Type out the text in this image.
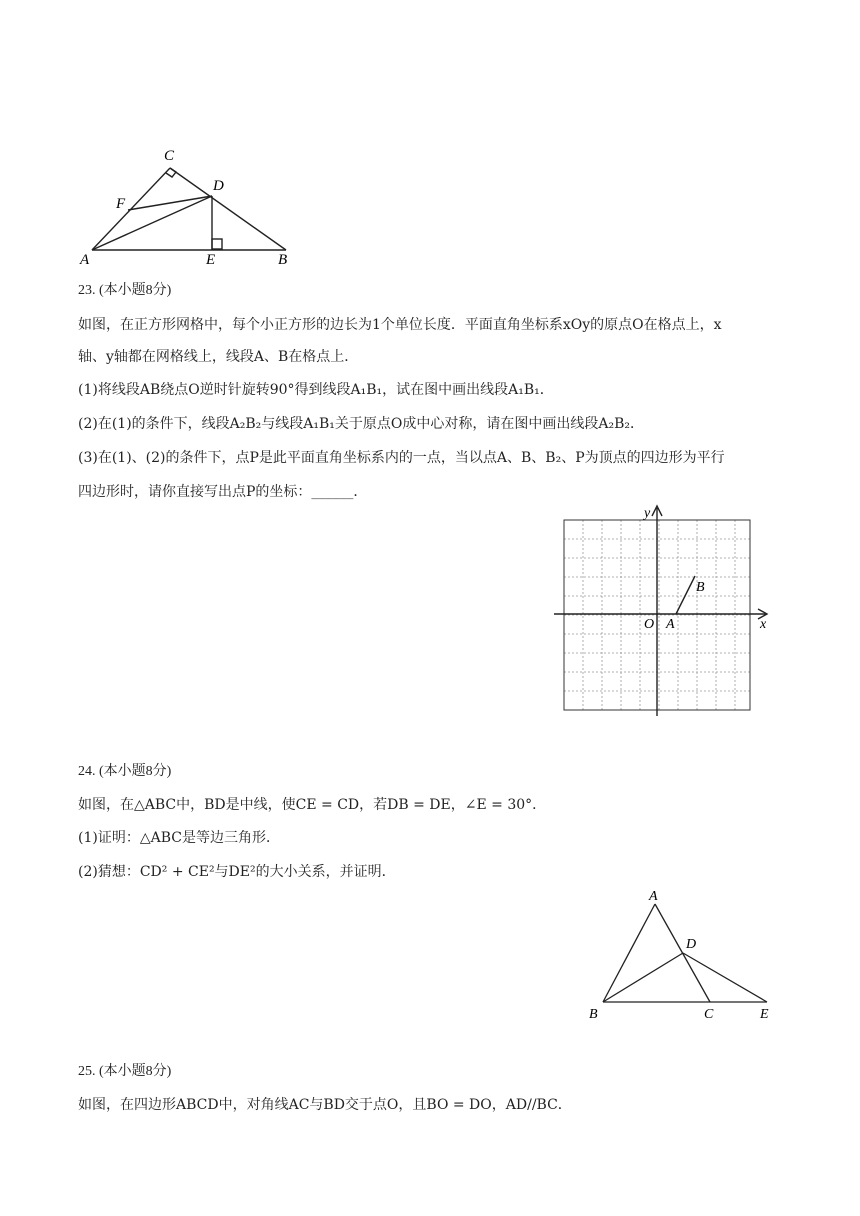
C
D
F
A	E	B
23. (本小题8分)
如图，在正方形网格中，每个小正方形的边长为1个单位长度．平面直角坐标系xOy的原点O在格点上，x
轴、y轴都在网格线上，线段A、B在格点上．
(1)将线段AB绕点O逆时针旋转90°得到线段A₁B₁，试在图中画出线段A₁B₁．
(2)在(1)的条件下，线段A₂B₂与线段A₁B₁关于原点O成中心对称，请在图中画出线段A₂B₂．
(3)在(1)、(2)的条件下，点P是此平面直角坐标系内的一点，当以点A、B、B₂、P为顶点的四边形为平行
四边形时，请你直接写出点P的坐标：______．
y
x
O A
B
24. (本小题8分)
如图，在△ABC中，BD是中线，使CE = CD，若DB = DE，∠E = 30°．
(1)证明：△ABC是等边三角形．
(2)猜想：CD² + CE²与DE²的大小关系，并证明．
A
D
B	C	E
25. (本小题8分)
如图，在四边形ABCD中，对角线AC与BD交于点O，且BO = DO，AD//BC．
